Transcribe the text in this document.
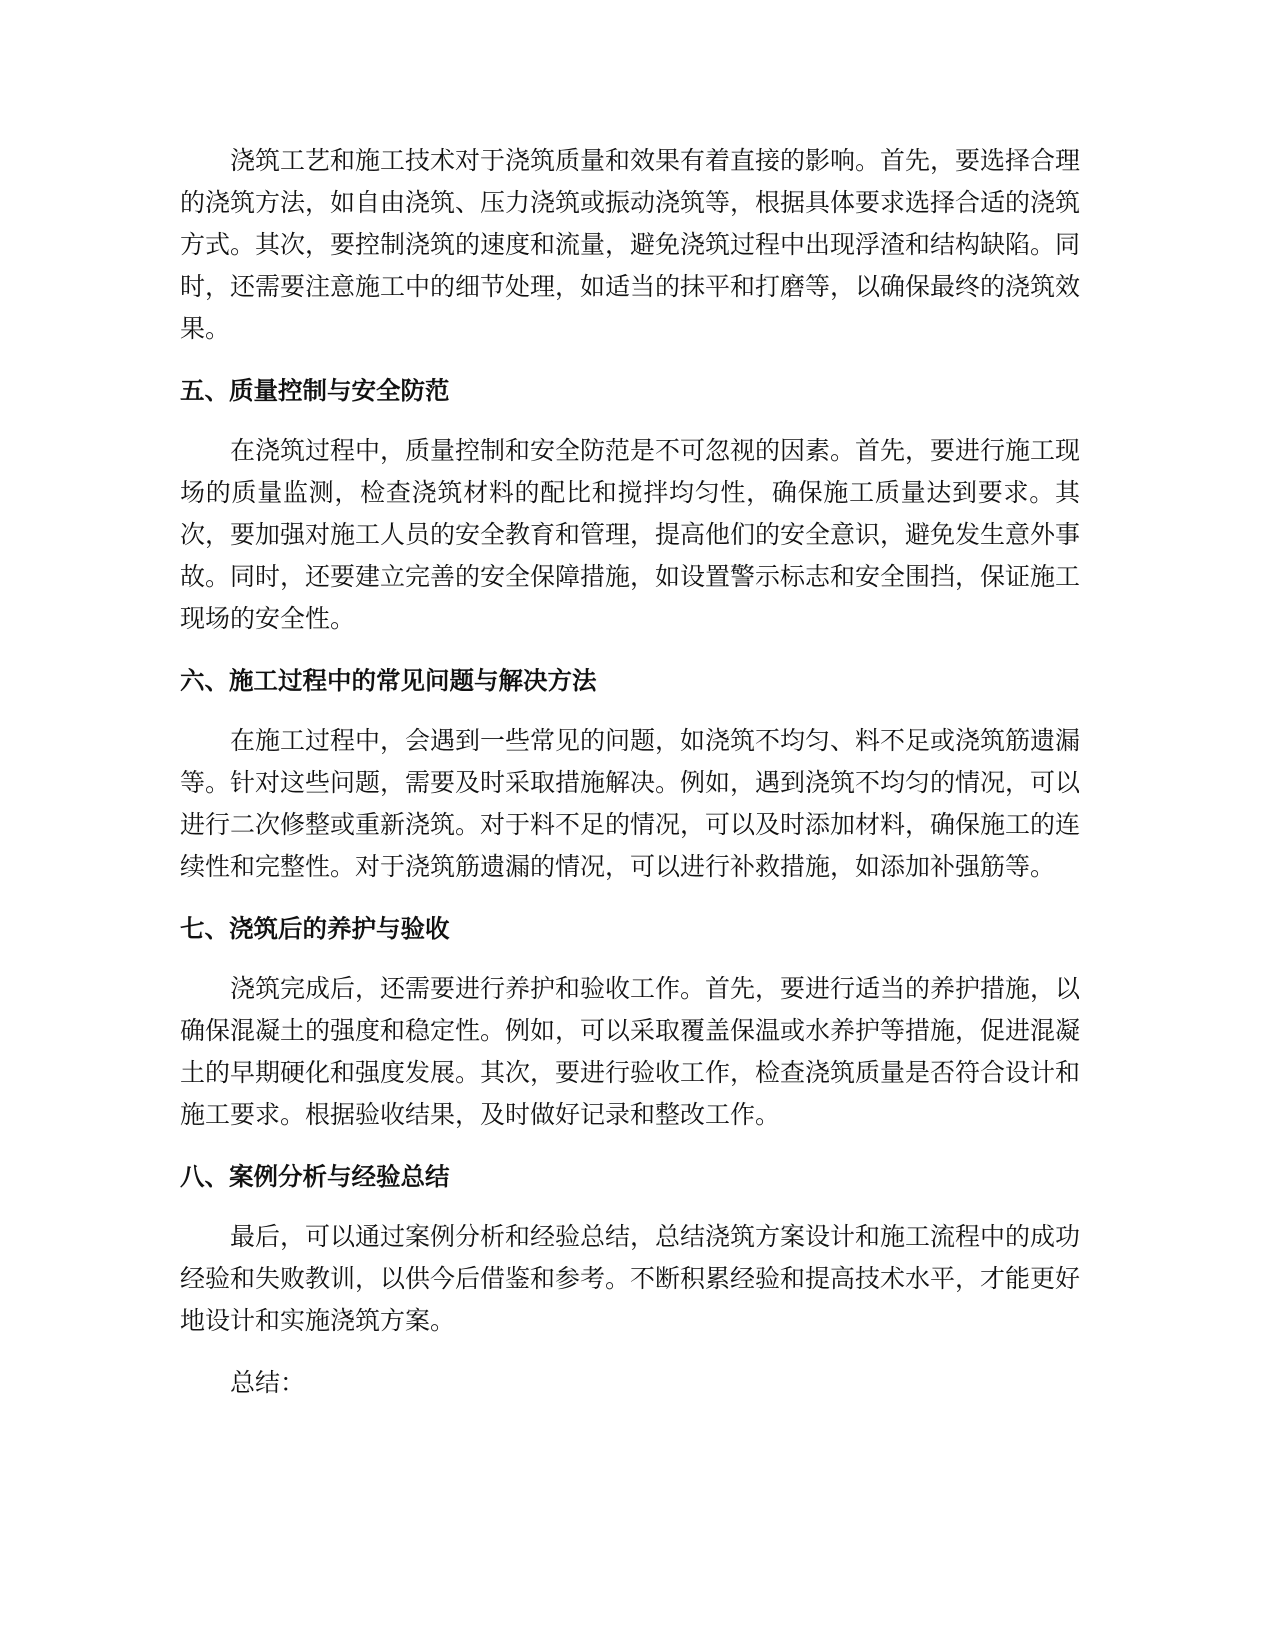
浇筑工艺和施工技术对于浇筑质量和效果有着直接的影响。首先，要选择合理的浇筑方法，如自由浇筑、压力浇筑或振动浇筑等，根据具体要求选择合适的浇筑方式。其次，要控制浇筑的速度和流量，避免浇筑过程中出现浮渣和结构缺陷。同时，还需要注意施工中的细节处理，如适当的抹平和打磨等，以确保最终的浇筑效果。

五、质量控制与安全防范

在浇筑过程中，质量控制和安全防范是不可忽视的因素。首先，要进行施工现场的质量监测，检查浇筑材料的配比和搅拌均匀性，确保施工质量达到要求。其次，要加强对施工人员的安全教育和管理，提高他们的安全意识，避免发生意外事故。同时，还要建立完善的安全保障措施，如设置警示标志和安全围挡，保证施工现场的安全性。

六、施工过程中的常见问题与解决方法

在施工过程中，会遇到一些常见的问题，如浇筑不均匀、料不足或浇筑筋遗漏等。针对这些问题，需要及时采取措施解决。例如，遇到浇筑不均匀的情况，可以进行二次修整或重新浇筑。对于料不足的情况，可以及时添加材料，确保施工的连续性和完整性。对于浇筑筋遗漏的情况，可以进行补救措施，如添加补强筋等。

七、浇筑后的养护与验收

浇筑完成后，还需要进行养护和验收工作。首先，要进行适当的养护措施，以确保混凝土的强度和稳定性。例如，可以采取覆盖保温或水养护等措施，促进混凝土的早期硬化和强度发展。其次，要进行验收工作，检查浇筑质量是否符合设计和施工要求。根据验收结果，及时做好记录和整改工作。

八、案例分析与经验总结

最后，可以通过案例分析和经验总结，总结浇筑方案设计和施工流程中的成功经验和失败教训，以供今后借鉴和参考。不断积累经验和提高技术水平，才能更好地设计和实施浇筑方案。

总结：
